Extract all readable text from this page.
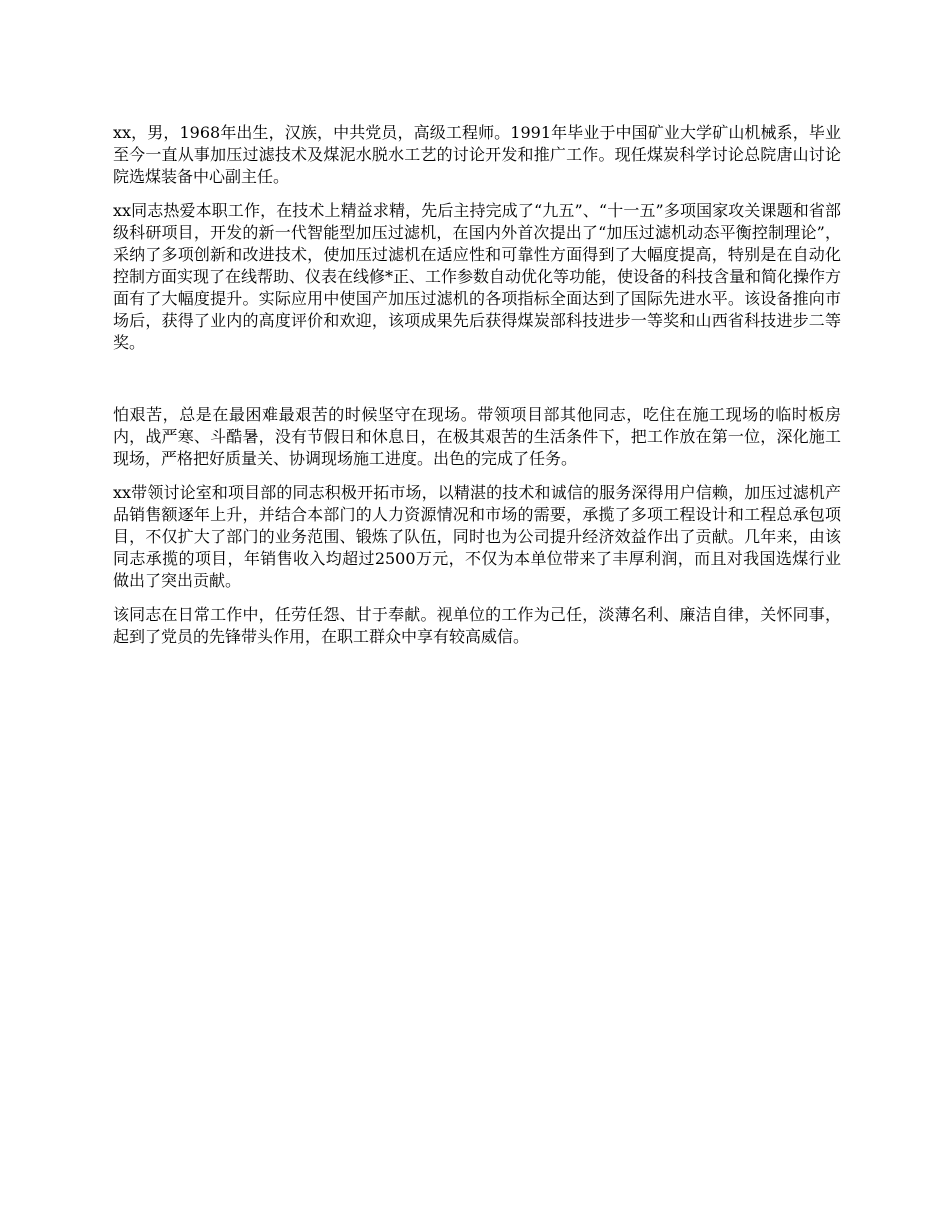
xx，男，1968年出生，汉族，中共党员，高级工程师。1991年毕业于中国矿业大学矿山机械系，毕业至今一直从事加压过滤技术及煤泥水脱水工艺的讨论开发和推广工作。现任煤炭科学讨论总院唐山讨论院选煤装备中心副主任。

xx同志热爱本职工作，在技术上精益求精，先后主持完成了“九五”、“十一五”多项国家攻关课题和省部级科研项目，开发的新一代智能型加压过滤机，在国内外首次提出了“加压过滤机动态平衡控制理论”，采纳了多项创新和改进技术，使加压过滤机在适应性和可靠性方面得到了大幅度提高，特别是在自动化控制方面实现了在线帮助、仪表在线修*正、工作参数自动优化等功能，使设备的科技含量和简化操作方面有了大幅度提升。实际应用中使国产加压过滤机的各项指标全面达到了国际先进水平。该设备推向市场后，获得了业内的高度评价和欢迎，该项成果先后获得煤炭部科技进步一等奖和山西省科技进步二等奖。

怕艰苦，总是在最困难最艰苦的时候坚守在现场。带领项目部其他同志，吃住在施工现场的临时板房内，战严寒、斗酷暑，没有节假日和休息日，在极其艰苦的生活条件下，把工作放在第一位，深化施工现场，严格把好质量关、协调现场施工进度。出色的完成了任务。

xx带领讨论室和项目部的同志积极开拓市场，以精湛的技术和诚信的服务深得用户信赖，加压过滤机产品销售额逐年上升，并结合本部门的人力资源情况和市场的需要，承揽了多项工程设计和工程总承包项目，不仅扩大了部门的业务范围、锻炼了队伍，同时也为公司提升经济效益作出了贡献。几年来，由该同志承揽的项目，年销售收入均超过2500万元，不仅为本单位带来了丰厚利润，而且对我国选煤行业做出了突出贡献。

该同志在日常工作中，任劳任怨、甘于奉献。视单位的工作为己任，淡薄名利、廉洁自律，关怀同事，起到了党员的先锋带头作用，在职工群众中享有较高威信。
